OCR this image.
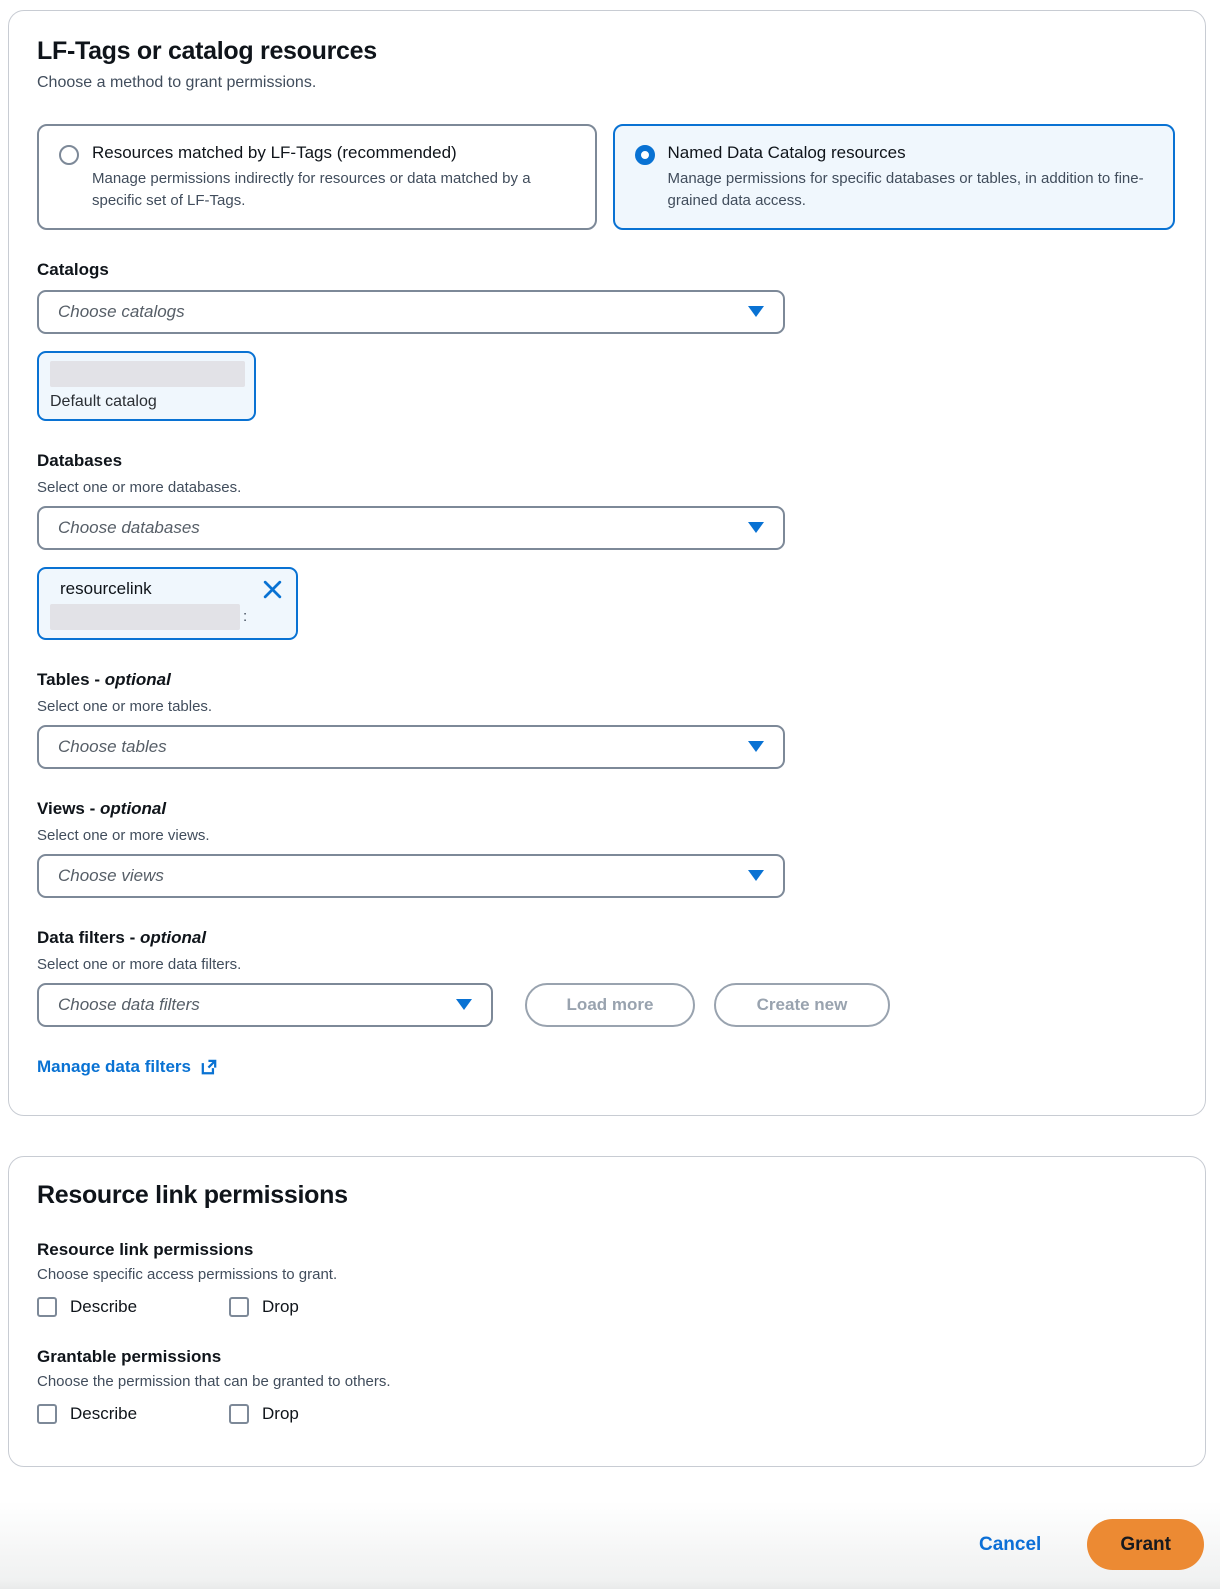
LF-Tags or catalog resources

Choose a method to grant permissions.

Resources matched by LF-Tags (recommended)
Manage permissions indirectly for resources or data matched by a specific set of LF-Tags.
Named Data Catalog resources
Manage permissions for specific databases or tables, in addition to fine-grained data access.
Catalogs
Choose catalogs
Default catalog
Databases
Select one or more databases.
Choose databases
resourcelink
:
Tables - optional
Select one or more tables.
Choose tables
Views - optional
Select one or more views.
Choose views
Data filters - optional
Select one or more data filters.
Choose data filters	Load more	Create new
Manage data filters
Resource link permissions
Resource link permissions
Choose specific access permissions to grant.
Describe	Drop
Grantable permissions
Choose the permission that can be granted to others.
Describe	Drop
Cancel	Grant
